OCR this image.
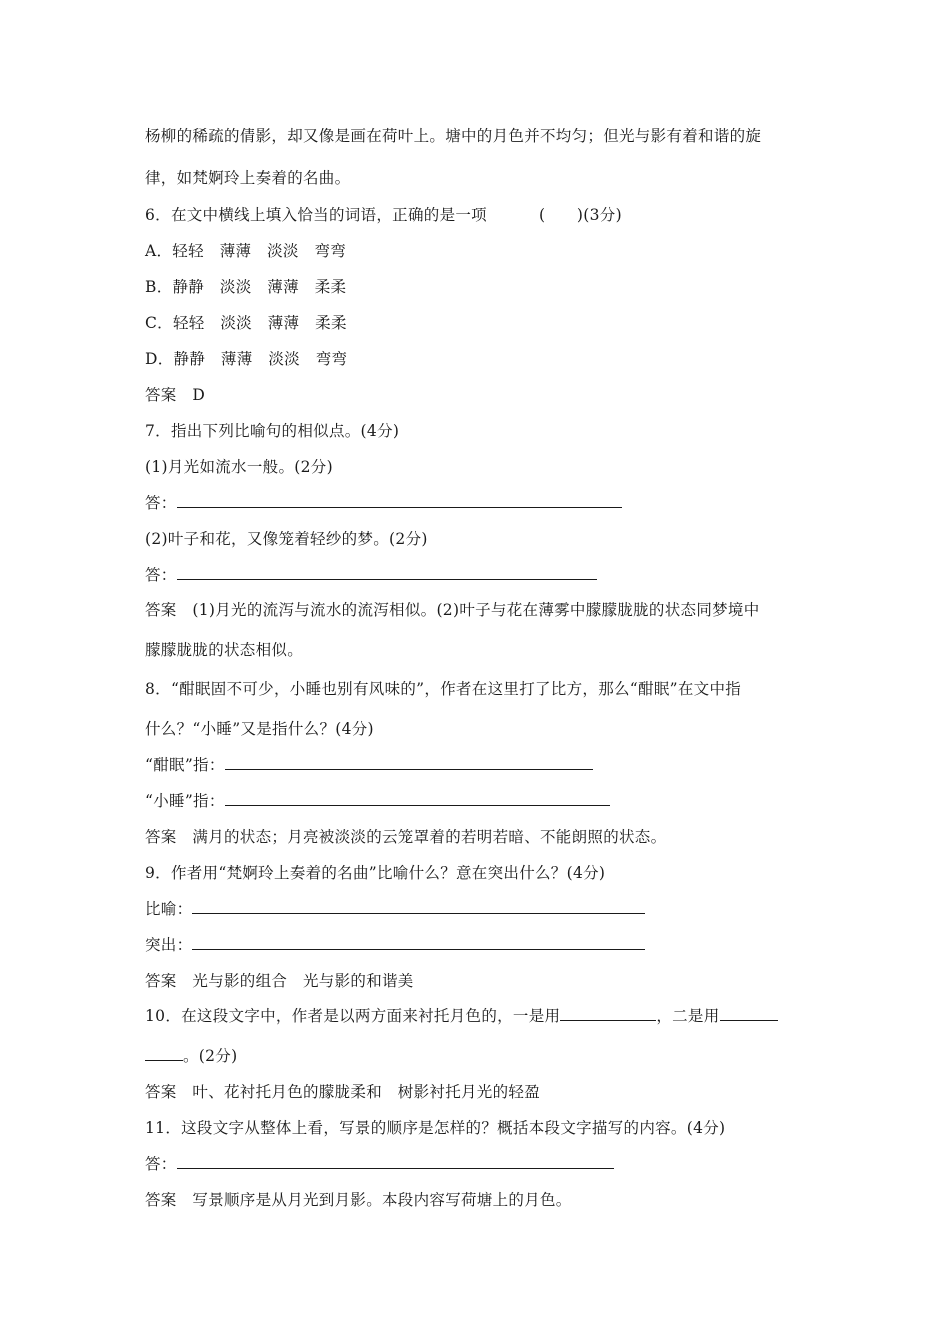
杨柳的稀疏的倩影，却又像是画在荷叶上。塘中的月色并不均匀；但光与影有着和谐的旋
律，如梵婀玲上奏着的名曲。
6．在文中横线上填入恰当的词语，正确的是一项	(　　)(3分)
A．轻轻　薄薄　淡淡　弯弯
B．静静　淡淡　薄薄　柔柔
C．轻轻　淡淡　薄薄　柔柔
D．静静　薄薄　淡淡　弯弯
答案　D
7．指出下列比喻句的相似点。(4分)
(1)月光如流水一般。(2分)
答：
(2)叶子和花，又像笼着轻纱的梦。(2分)
答：
答案　(1)月光的流泻与流水的流泻相似。(2)叶子与花在薄雾中朦朦胧胧的状态同梦境中
朦朦胧胧的状态相似。
8．“酣眠固不可少，小睡也别有风味的”，作者在这里打了比方，那么“酣眠”在文中指
什么？“小睡”又是指什么？(4分)
“酣眠”指：
“小睡”指：
答案　满月的状态；月亮被淡淡的云笼罩着的若明若暗、不能朗照的状态。
9．作者用“梵婀玲上奏着的名曲”比喻什么？意在突出什么？(4分)
比喻：
突出：
答案　光与影的组合　光与影的和谐美
10．在这段文字中，作者是以两方面来衬托月色的，一是用	，二是用
。(2分)
答案　叶、花衬托月色的朦胧柔和　树影衬托月光的轻盈
11．这段文字从整体上看，写景的顺序是怎样的？概括本段文字描写的内容。(4分)
答：
答案　写景顺序是从月光到月影。本段内容写荷塘上的月色。
